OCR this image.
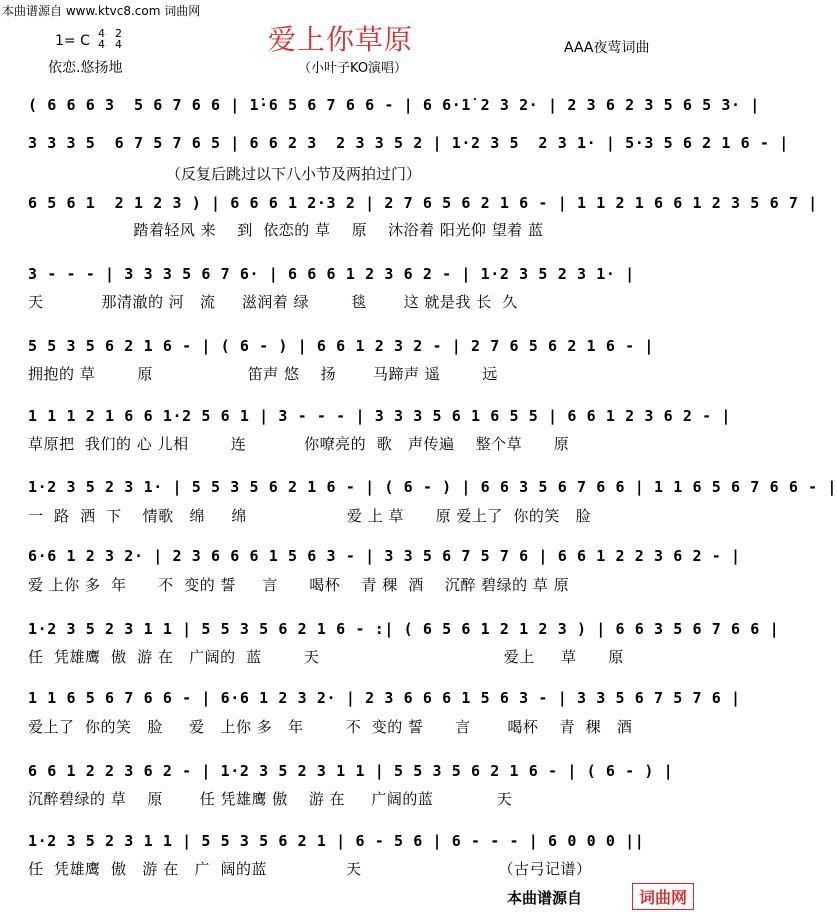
本曲谱源自 www.ktvc8.com 词曲网
爱上你草原
1= C 4
4
2
4
依恋.悠扬地
AAA夜莺词曲
（小叶子KO演唱）
（反复后跳过以下八小节及两拍过门）
( 6 6 6 3  5 6 7 6 6 | 1̇·6 5 6 7 6 6 - | 6 6·1̇ 2 3 2· | 2 3 6 2 3 5 6 5 3· |
3 3 3 5  6 7 5 7 6 5 | 6 6 2 3  2 3 3 5 2 | 1·2 3 5  2 3 1· | 5·3 5 6 2 1 6 - |
6 5 6 1  2 1 2 3 ) | 6 6 6 1 2·3 2 | 2 7 6 5 6 2 1 6 - | 1 1 2 1 6 6 1 2 3 5 6 7 |
踏着轻风 来    到  依恋的 草    原    沐浴着 阳光仰 望着 蓝
3 - - - | 3 3 3 5 6 7 6· | 6 6 6 1 2 3 6 2 - | 1·2 3 5 2 3 1· |
天           那清澈的 河   流     滋润着 绿        毯       这 就是我 长  久
5 5 3 5 6 2 1 6 - | ( 6 - ) | 6 6 1 2 3 2 - | 2 7 6 5 6 2 1 6 - |
拥抱的 草        原                  笛声 悠    扬       马蹄声 遥        远
1 1 1 2 1 6 6 1·2 5 6 1 | 3 - - - | 3 3 3 5 6 1 6 5 5 | 6 6 1 2 3 6 2 - |
草原把  我们的 心 儿相        连           你嘹亮的  歌   声传遍    整个草      原
1·2 3 5 2 3 1· | 5 5 3 5 6 2 1 6 - | ( 6 - ) | 6 6 3 5 6 7 6 6 | 1 1 6 5 6 7 6 6 - |
一  路  洒  下    情歌   绵     绵                   爱 上 草      原 爱上了  你的笑   脸
6·6 1 2 3 2· | 2 3 6 6 6 1 5 6 3 - | 3 3 5 6 7 5 7 6 | 6 6 1 2 2 3 6 2 - |
爱 上你 多  年      不  变的 誓     言      喝杯    青 稞  酒    沉醉 碧绿的 草 原
1·2 3 5 2 3 1 1 | 5 5 3 5 6 2 1 6 - :| ( 6 5 6 1 2 1 2 3 ) | 6 6 3 5 6 7 6 6 |
任  凭雄鹰  傲  游 在   广阔的  蓝        天                                   爱上     草      原
1 1 6 5 6 7 6 6 - | 6·6 1 2 3 2· | 2 3 6 6 6 1 5 6 3 - | 3 3 5 6 7 5 7 6 |
爱上了  你的笑   脸     爱   上你 多   年        不  变的 誓      言       喝杯    青  稞   酒
6 6 1 2 2 3 6 2 - | 1·2 3 5 2 3 1 1 | 5 5 3 5 6 2 1 6 - | ( 6 - ) |
沉醉碧绿的 草    原       任 凭雄鹰 傲    游 在     广阔的蓝            天
1·2 3 5 2 3 1 1 | 5 5 3 5 6 2 1 | 6 - 5 6 | 6 - - - | 6 0 0 0 ||
任  凭雄鹰  傲   游 在   广  阔的蓝               天                          （古弓记谱）
本曲谱源自	词曲网
